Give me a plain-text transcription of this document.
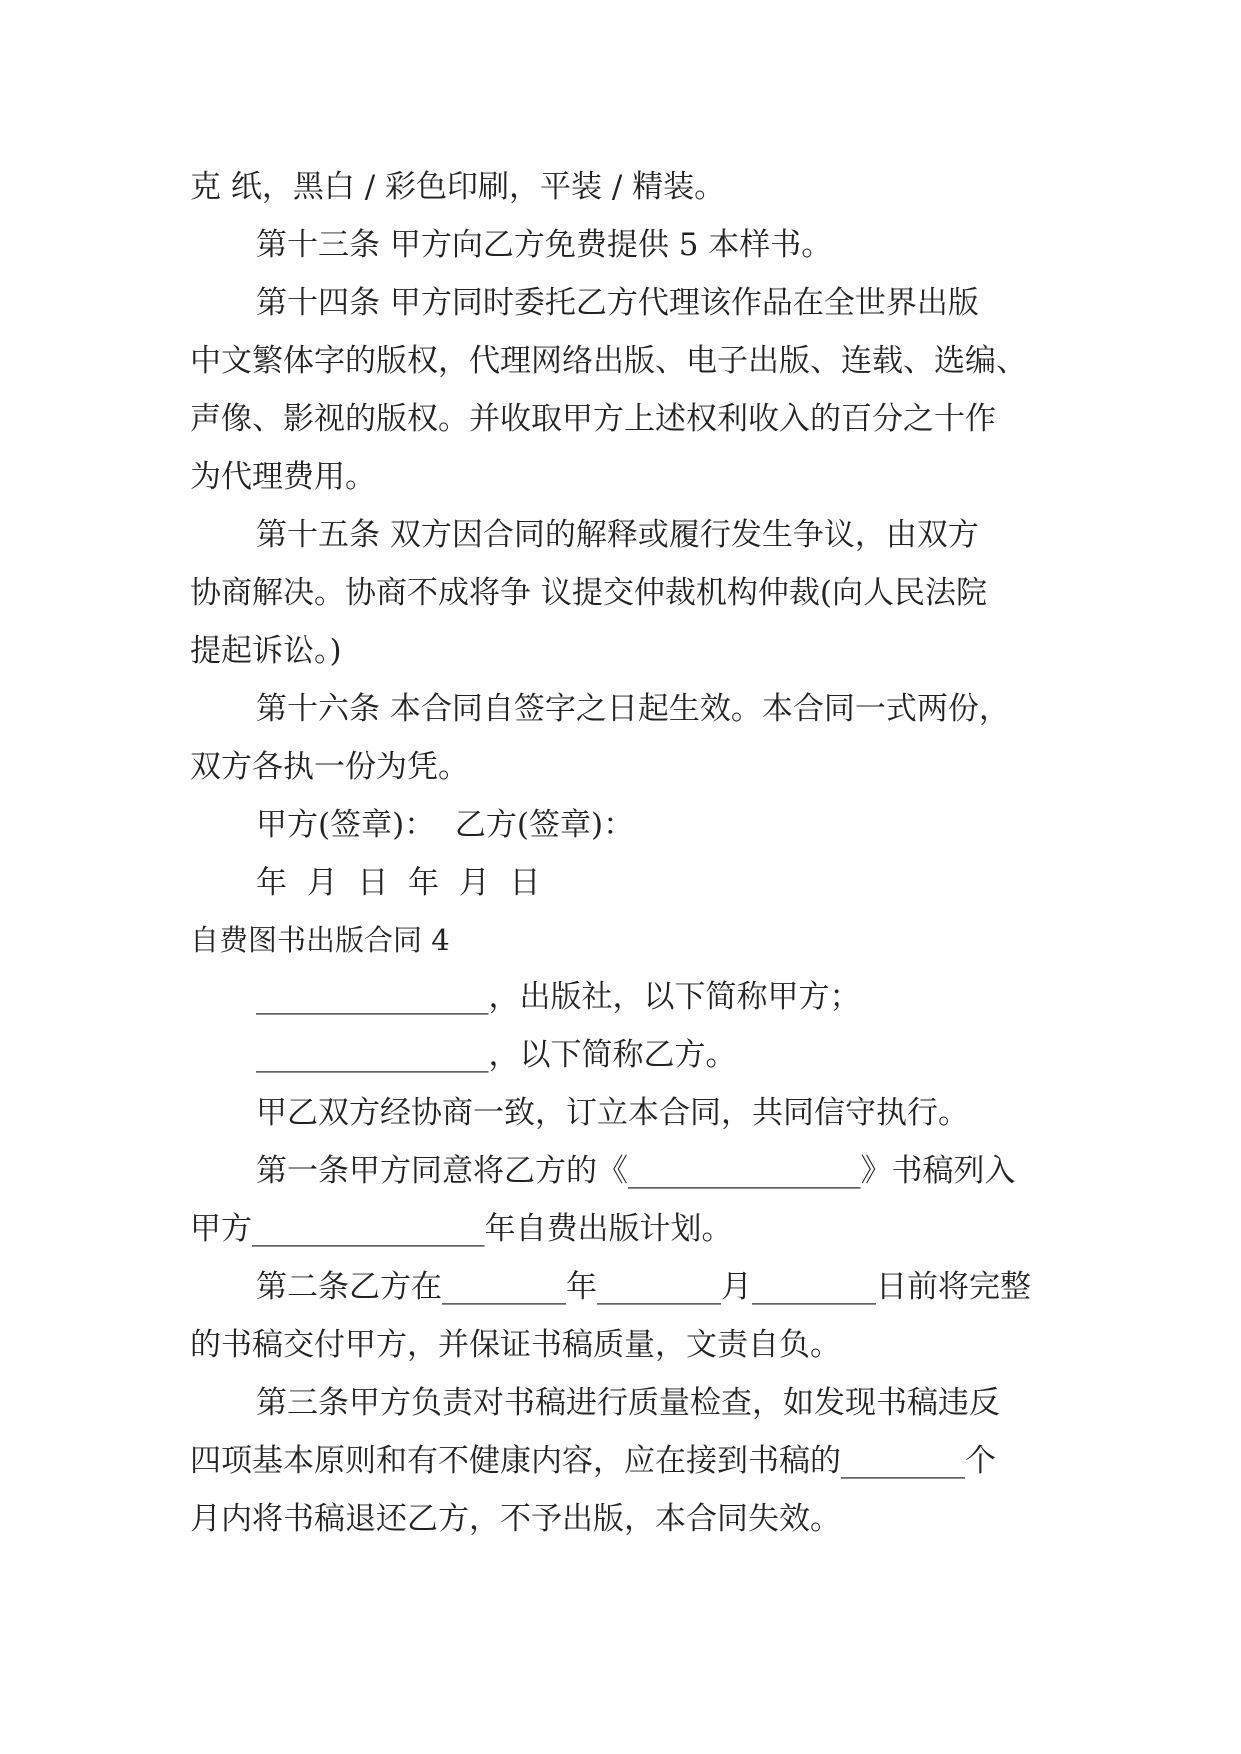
克 纸，黑白 / 彩色印刷，平装 / 精装。

第十三条 甲方向乙方免费提供 5 本样书。

第十四条 甲方同时委托乙方代理该作品在全世界出版

中文繁体字的版权，代理网络出版、电子出版、连载、选编、

声像、影视的版权。并收取甲方上述权利收入的百分之十作

为代理费用。

第十五条 双方因合同的解释或履行发生争议，由双方

协商解决。协商不成将争 议提交仲裁机构仲裁(向人民法院

提起诉讼。)

第十六条 本合同自签字之日起生效。本合同一式两份，

双方各执一份为凭。

甲方(签章)：  乙方(签章)：

年  月  日  年  月  日

自费图书出版合同 4

_______________，出版社，以下简称甲方；

_______________，以下简称乙方。

甲乙双方经协商一致，订立本合同，共同信守执行。

第一条甲方同意将乙方的《_______________》书稿列入

甲方_______________年自费出版计划。

第二条乙方在________年________月________日前将完整

的书稿交付甲方，并保证书稿质量，文责自负。

第三条甲方负责对书稿进行质量检查，如发现书稿违反

四项基本原则和有不健康内容，应在接到书稿的________个

月内将书稿退还乙方，不予出版，本合同失效。
